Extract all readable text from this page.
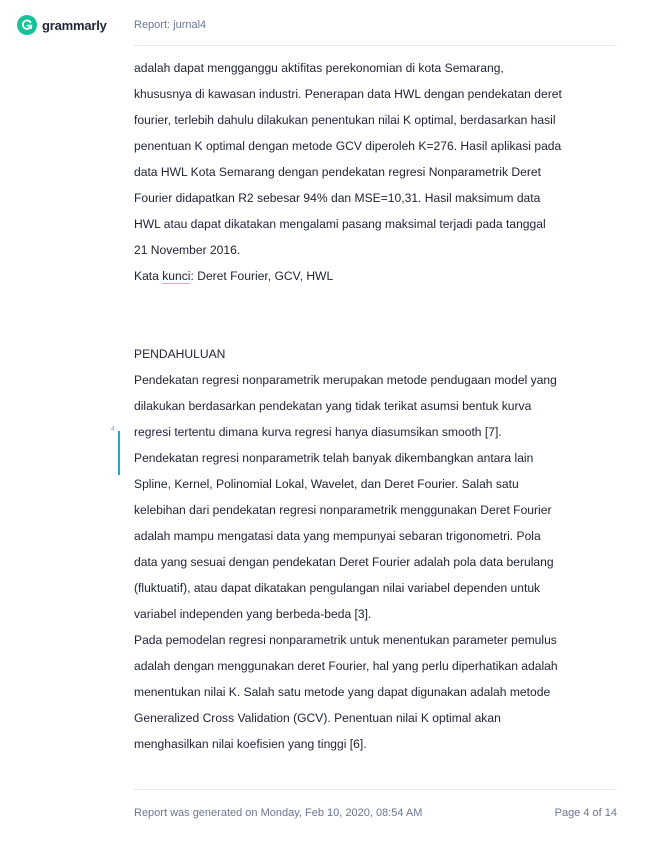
grammarly Report: jurnal4
4
adalah dapat mengganggu aktifitas perekonomian di kota Semarang,
khususnya di kawasan industri. Penerapan data HWL dengan pendekatan deret
fourier, terlebih dahulu dilakukan penentukan nilai K optimal, berdasarkan hasil
penentuan K optimal dengan metode GCV diperoleh K=276. Hasil aplikasi pada
data HWL Kota Semarang dengan pendekatan regresi Nonparametrik Deret
Fourier didapatkan R2 sebesar 94% dan MSE=10,31. Hasil maksimum data
HWL atau dapat dikatakan mengalami pasang maksimal terjadi pada tanggal
21 November 2016.
Kata kunci: Deret Fourier, GCV, HWL
PENDAHULUAN
Pendekatan regresi nonparametrik merupakan metode pendugaan model yang
dilakukan berdasarkan pendekatan yang tidak terikat asumsi bentuk kurva
regresi tertentu dimana kurva regresi hanya diasumsikan smooth [7].
Pendekatan regresi nonparametrik telah banyak dikembangkan antara lain
Spline, Kernel, Polinomial Lokal, Wavelet, dan Deret Fourier. Salah satu
kelebihan dari pendekatan regresi nonparametrik menggunakan Deret Fourier
adalah mampu mengatasi data yang mempunyai sebaran trigonometri. Pola
data yang sesuai dengan pendekatan Deret Fourier adalah pola data berulang
(fluktuatif), atau dapat dikatakan pengulangan nilai variabel dependen untuk
variabel independen yang berbeda-beda [3].
Pada pemodelan regresi nonparametrik untuk menentukan parameter pemulus
adalah dengan menggunakan deret Fourier, hal yang perlu diperhatikan adalah
menentukan nilai K. Salah satu metode yang dapat digunakan adalah metode
Generalized Cross Validation (GCV). Penentuan nilai K optimal akan
menghasilkan nilai koefisien yang tinggi [6].
Report was generated on Monday, Feb 10, 2020, 08:54 AM	Page 4 of 14
